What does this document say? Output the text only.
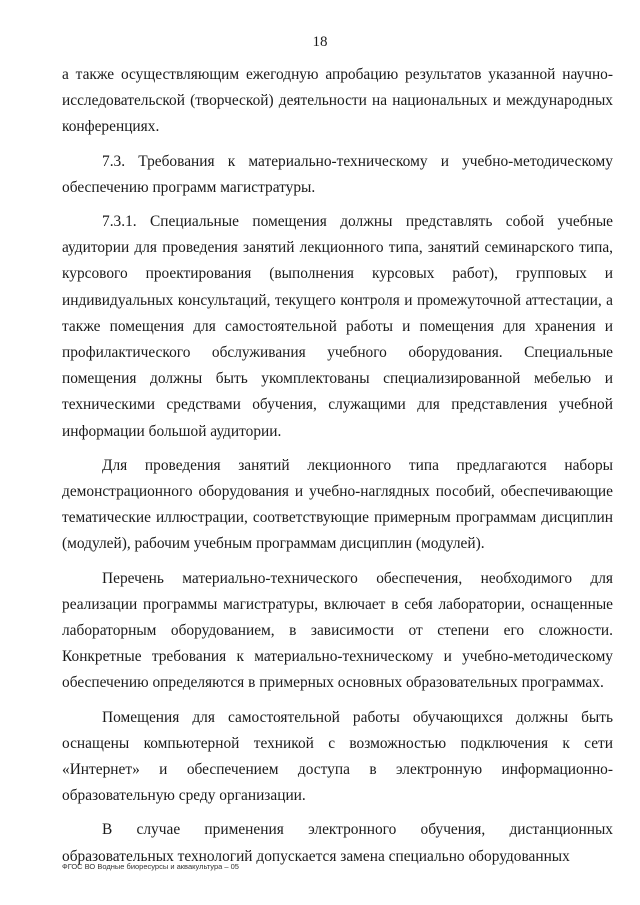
18

а также осуществляющим ежегодную апробацию результатов указанной научно-исследовательской (творческой) деятельности на национальных и международных конференциях.

7.3. Требования к материально-техническому и учебно-методическому обеспечению программ магистратуры.

7.3.1. Специальные помещения должны представлять собой учебные аудитории для проведения занятий лекционного типа, занятий семинарского типа, курсового проектирования (выполнения курсовых работ), групповых и индивидуальных консультаций, текущего контроля и промежуточной аттестации, а также помещения для самостоятельной работы и помещения для хранения и профилактического обслуживания учебного оборудования. Специальные помещения должны быть укомплектованы специализированной мебелью и техническими средствами обучения, служащими для представления учебной информации большой аудитории.

Для проведения занятий лекционного типа предлагаются наборы демонстрационного оборудования и учебно-наглядных пособий, обеспечивающие тематические иллюстрации, соответствующие примерным программам дисциплин (модулей), рабочим учебным программам дисциплин (модулей).

Перечень материально-технического обеспечения, необходимого для реализации программы магистратуры, включает в себя лаборатории, оснащенные лабораторным оборудованием, в зависимости от степени его сложности. Конкретные требования к материально-техническому и учебно-методическому обеспечению определяются в примерных основных образовательных программах.

Помещения для самостоятельной работы обучающихся должны быть оснащены компьютерной техникой с возможностью подключения к сети «Интернет» и обеспечением доступа в электронную информационно-образовательную среду организации.

В случае применения электронного обучения, дистанционных образовательных технологий допускается замена специально оборудованных

ФГОС ВО Водные биоресурсы и аквакультура – 05
